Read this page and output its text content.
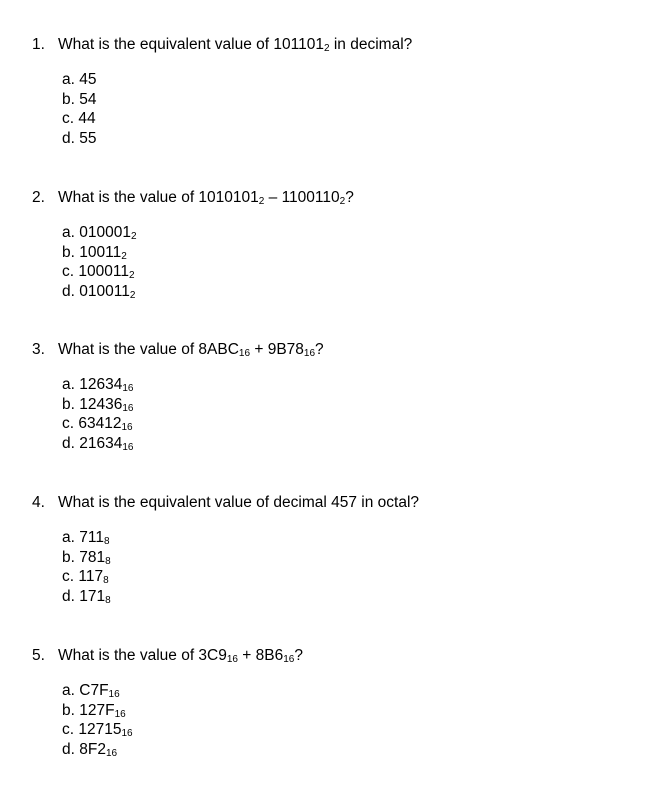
1. What is the equivalent value of $101101_2$ in decimal?
a. 45
b. 54
c. 44
d. 55
2. What is the value of $1010101_2 - 1100110_2$?
a. $010001_2$
b. $10011_2$
c. $100011_2$
d. $010011_2$
3. What is the value of $8ABC_{16} + 9B78_{16}$?
a. $12634_{16}$
b. $12436_{16}$
c. $63412_{16}$
d. $21634_{16}$
4. What is the equivalent value of decimal 457 in octal?
a. $711_8$
b. $781_8$
c. $117_8$
d. $171_8$
5. What is the value of $3C9_{16} + 8B6_{16}$?
a. $C7F_{16}$
b. $127F_{16}$
c. $12715_{16}$
d. $8F2_{16}$
